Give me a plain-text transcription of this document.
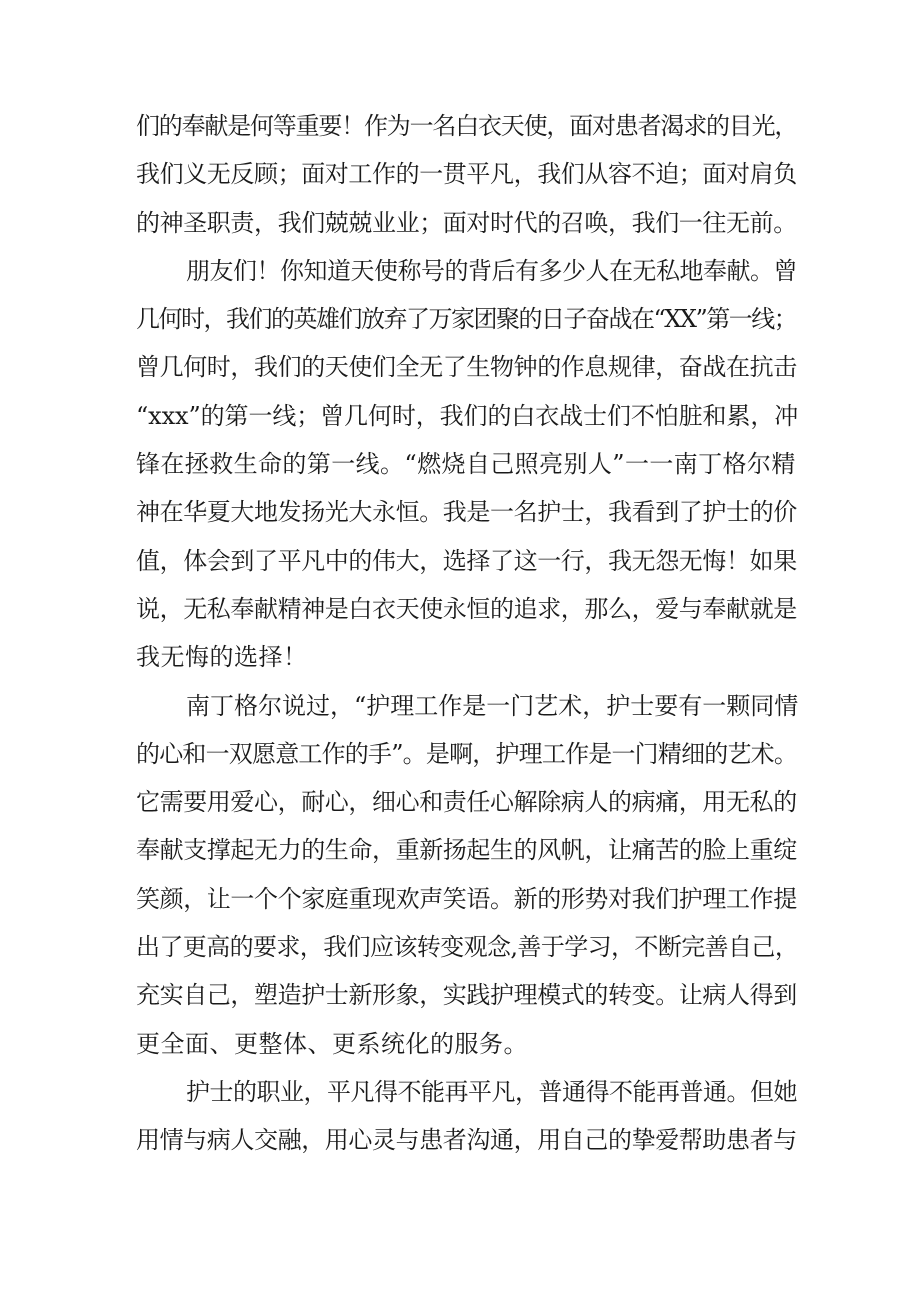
们的奉献是何等重要！作为一名白衣天使，面对患者渴求的目光，
我们义无反顾；面对工作的一贯平凡，我们从容不迫；面对肩负
的神圣职责，我们兢兢业业；面对时代的召唤，我们一往无前。
朋友们！你知道天使称号的背后有多少人在无私地奉献。曾
几何时，我们的英雄们放弃了万家团聚的日子奋战在“XX”第一线；
曾几何时，我们的天使们全无了生物钟的作息规律，奋战在抗击
“xxx”的第一线；曾几何时，我们的白衣战士们不怕脏和累，冲
锋在拯救生命的第一线。“燃烧自己照亮别人”一一南丁格尔精
神在华夏大地发扬光大永恒。我是一名护士，我看到了护士的价
值，体会到了平凡中的伟大，选择了这一行，我无怨无悔！如果
说，无私奉献精神是白衣天使永恒的追求，那么，爱与奉献就是
我无悔的选择！
南丁格尔说过，“护理工作是一门艺术，护士要有一颗同情
的心和一双愿意工作的手”。是啊，护理工作是一门精细的艺术。
它需要用爱心，耐心，细心和责任心解除病人的病痛，用无私的
奉献支撑起无力的生命，重新扬起生的风帆，让痛苦的脸上重绽
笑颜，让一个个家庭重现欢声笑语。新的形势对我们护理工作提
出了更高的要求，我们应该转变观念,善于学习，不断完善自己，
充实自己，塑造护士新形象，实践护理模式的转变。让病人得到
更全面、更整体、更系统化的服务。
护士的职业，平凡得不能再平凡，普通得不能再普通。但她
用情与病人交融，用心灵与患者沟通，用自己的挚爱帮助患者与
